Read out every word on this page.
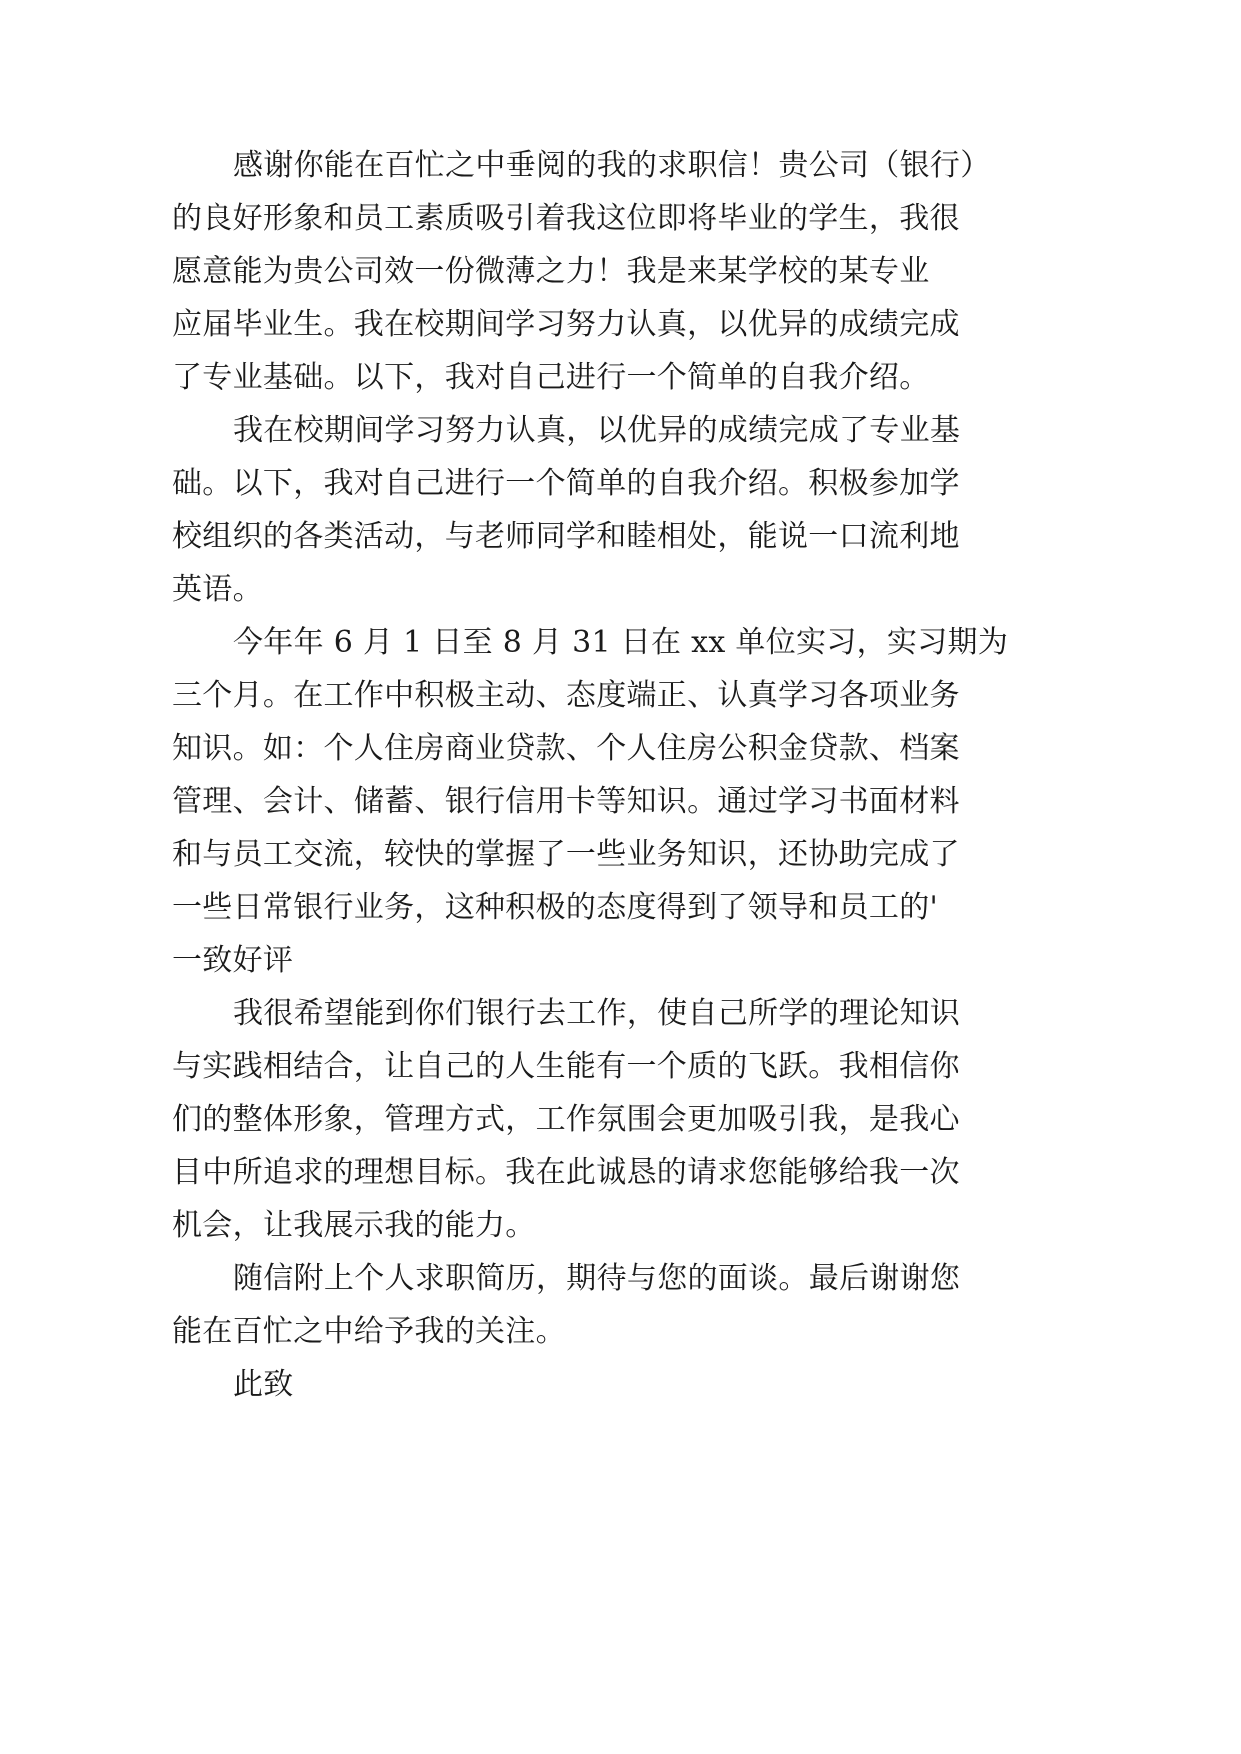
感谢你能在百忙之中垂阅的我的求职信！贵公司（银行）
的良好形象和员工素质吸引着我这位即将毕业的学生，我很
愿意能为贵公司效一份微薄之力！我是来某学校的某专业
应届毕业生。我在校期间学习努力认真，以优异的成绩完成
了专业基础。以下，我对自己进行一个简单的自我介绍。
我在校期间学习努力认真，以优异的成绩完成了专业基
础。以下，我对自己进行一个简单的自我介绍。积极参加学
校组织的各类活动，与老师同学和睦相处，能说一口流利地
英语。
今年年 6 月 1 日至 8 月 31 日在 xx 单位实习，实习期为
三个月。在工作中积极主动、态度端正、认真学习各项业务
知识。如：个人住房商业贷款、个人住房公积金贷款、档案
管理、会计、储蓄、银行信用卡等知识。通过学习书面材料
和与员工交流，较快的掌握了一些业务知识，还协助完成了
一些日常银行业务，这种积极的态度得到了领导和员工的'
一致好评
我很希望能到你们银行去工作，使自己所学的理论知识
与实践相结合，让自己的人生能有一个质的飞跃。我相信你
们的整体形象，管理方式，工作氛围会更加吸引我，是我心
目中所追求的理想目标。我在此诚恳的请求您能够给我一次
机会，让我展示我的能力。
随信附上个人求职简历，期待与您的面谈。最后谢谢您
能在百忙之中给予我的关注。
此致
